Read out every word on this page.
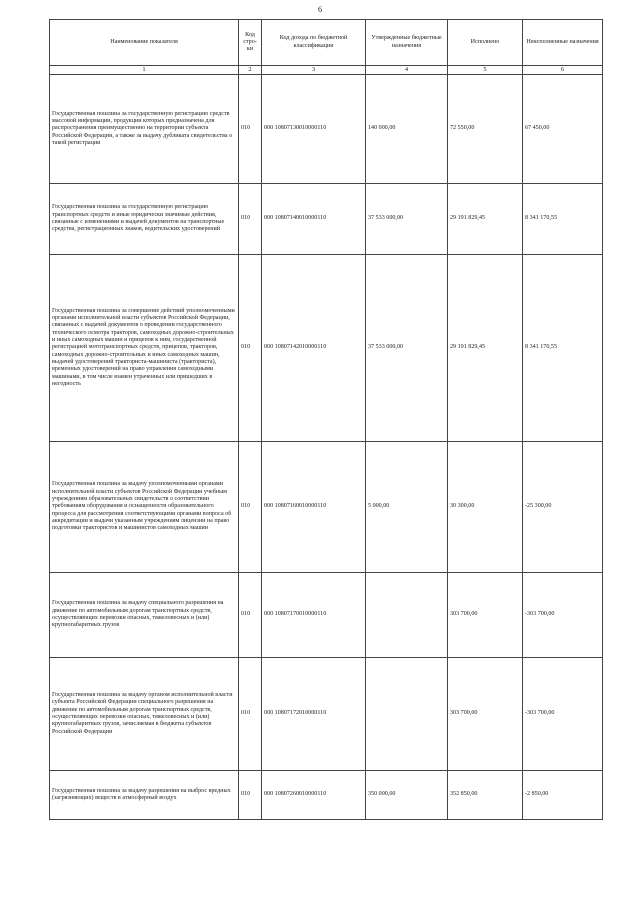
6
Наименование показателя	Код стро- ки	Код дохода по бюджетной классификации	Утвержденные бюджетные назначения	Исполнено	Неисполненные назначения
1	2	3	4	5	6
Государственная пошлина за государственную регистрацию средств массовой информации, продукции которых предназначена для распространения преимущественно на территории субъекта Российской Федерации, а также за выдачу дубликата свидетельства о такой регистрации	010	000 10807130010000110	140 000,00	72 550,00	67 450,00
Государственная пошлина за государственную регистрацию транспортных средств и иные юридически значимые действия, связанные с изменениями и выдачей документов на транспортные средства, регистрационных знаков, водительских удостоверений	010	000 10807140010000110	37 533 000,00	29 191 829,45	8 341 170,55
Государственная пошлина за совершение действий уполномоченными органами исполнительной власти субъектов Российской Федерации, связанных с выдачей документов о проведении государственного технического осмотра тракторов, самоходных дорожно-строительных и иных самоходных машин и прицепов к ним, государственной регистрацией мототранспортных средств, прицепов, тракторов, самоходных дорожно-строительных и иных самоходных машин, выдачей удостоверений тракториста-машиниста (тракториста), временных удостоверений на право управления самоходными машинами, в том числе взамен утраченных или пришедших в негодность	010	000 10807142010000110	37 533 000,00	29 191 829,45	8 341 170,55
Государственная пошлина за выдачу уполномоченными органами исполнительной власти субъектов Российской Федерации учебным учреждениям образовательных свидетельств о соответствии требованиям оборудования и оснащенности образовательного процесса для рассмотрения соответствующими органами вопроса об аккредитации и выдачи указанным учреждениям лицензии на право подготовки трактористов и машинистов самоходных машин	010	000 10807160010000110	5 000,00	30 300,00	-25 300,00
Государственная пошлина за выдачу специального разрешения на движение по автомобильным дорогам транспортных средств, осуществляющих перевозки опасных, тяжеловесных и (или) крупногабаритных грузов	010	000 10807170010000110		303 700,00	-303 700,00
Государственная пошлина за выдачу органом исполнительной власти субъекта Российской Федерации специального разрешения на движение по автомобильным дорогам транспортных средств, осуществляющих перевозки опасных, тяжеловесных и (или) крупногабаритных грузов, зачисляемая в бюджеты субъектов Российской Федерации	010	000 10807172010000110		303 700,00	-303 700,00
Государственная пошлина за выдачу разрешения на выброс вредных (загрязняющих) веществ в атмосферный воздух	010	000 10807260010000110	350 000,00	352 850,00	-2 850,00
